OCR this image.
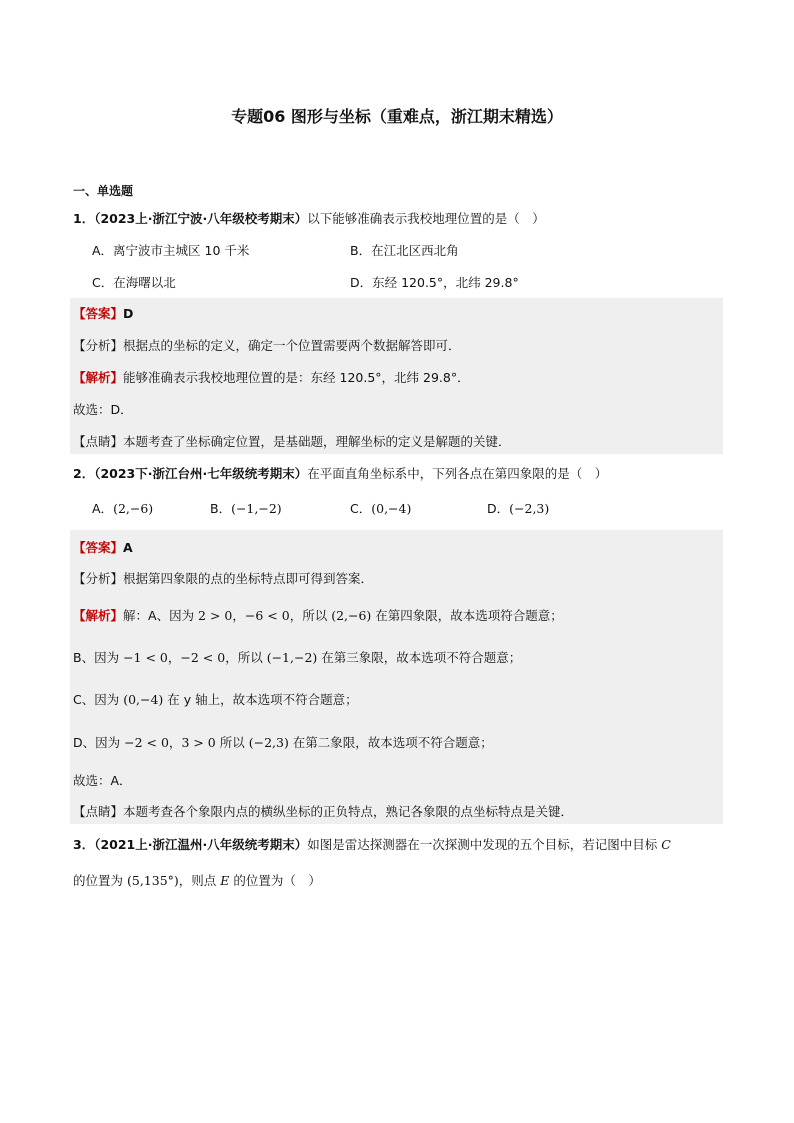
专题06 图形与坐标（重难点，浙江期末精选）
一、单选题
1．（2023上·浙江宁波·八年级校考期末）以下能够准确表示我校地理位置的是（　）
A．离宁波市主城区 10 千米	B．在江北区西北角
C．在海曙以北	D．东经 120.5°，北纬 29.8°
【答案】D
【分析】根据点的坐标的定义，确定一个位置需要两个数据解答即可．
【解析】能够准确表示我校地理位置的是：东经 120.5°，北纬 29.8°．
故选：D．
【点睛】本题考查了坐标确定位置，是基础题，理解坐标的定义是解题的关键．
2．（2023下·浙江台州·七年级统考期末）在平面直角坐标系中，下列各点在第四象限的是（　）
A．(2,−6)	B．(−1,−2)	C．(0,−4)	D．(−2,3)
【答案】A
【分析】根据第四象限的点的坐标特点即可得到答案．
【解析】解：A、因为 2 > 0，−6 < 0，所以 (2,−6) 在第四象限，故本选项符合题意；
B、因为 −1 < 0，−2 < 0，所以 (−1,−2) 在第三象限，故本选项不符合题意；
C、因为 (0,−4) 在 y 轴上，故本选项不符合题意；
D、因为 −2 < 0，3 > 0 所以 (−2,3) 在第二象限，故本选项不符合题意；
故选：A．
【点睛】本题考查各个象限内点的横纵坐标的正负特点，熟记各象限的点坐标特点是关键．
3．（2021上·浙江温州·八年级统考期末）如图是雷达探测器在一次探测中发现的五个目标，若记图中目标 C
的位置为 (5,135°)，则点 E 的位置为（　）
